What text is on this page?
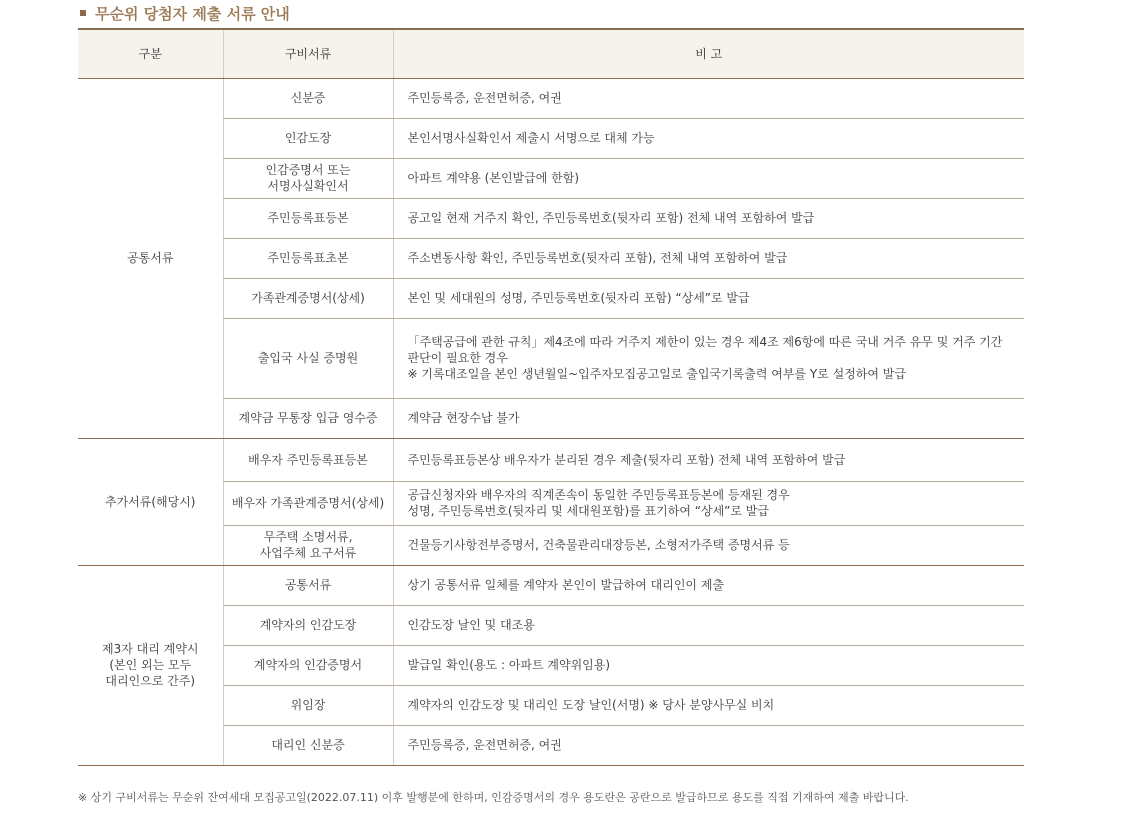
무순위 당첨자 제출 서류 안내
구분	구비서류	비 고
공통서류	신분증	주민등록증, 운전면허증, 여권

	인감도장	본인서명사실확인서 제출시 서명으로 대체 가능

	인감증명서 또는
서명사실확인서	아파트 계약용 (본인발급에 한함)

	주민등록표등본	공고일 현재 거주지 확인, 주민등록번호(뒷자리 포함) 전체 내역 포함하여 발급

	주민등록표초본	주소변동사항 확인, 주민등록번호(뒷자리 포함), 전체 내역 포함하여 발급

	가족관계증명서(상세)	본인 및 세대원의 성명, 주민등록번호(뒷자리 포함) “상세”로 발급

	출입국 사실 증명원	「주택공급에 관한 규칙」제4조에 따라 거주지 제한이 있는 경우 제4조 제6항에 따른 국내 거주 유무 및 거주 기간
판단이 필요한 경우
※ 기록대조일을 본인 생년월일~입주자모집공고일로 출입국기록출력 여부를 Y로 설정하여 발급

	계약금 무통장 입금 영수증	계약금 현장수납 불가

추가서류(해당시)	배우자 주민등록표등본	주민등록표등본상 배우자가 분리된 경우 제출(뒷자리 포함) 전체 내역 포함하여 발급

	배우자 가족관계증명서(상세)	공급신청자와 배우자의 직계존속이 동일한 주민등록표등본에 등재된 경우
성명, 주민등록번호(뒷자리 및 세대원포함)를 표기하여 “상세”로 발급

	무주택 소명서류,
사업주체 요구서류	건물등기사항전부증명서, 건축물관리대장등본, 소형저가주택 증명서류 등

제3자 대리 계약시(본인 외는 모두대리인으로 간주)	공통서류	상기 공통서류 일체를 계약자 본인이 발급하여 대리인이 제출

	계약자의 인감도장	인감도장 날인 및 대조용

	계약자의 인감증명서	발급일 확인(용도 : 아파트 계약위임용)

	위임장	계약자의 인감도장 및 대리인 도장 날인(서명) ※ 당사 분양사무실 비치

	대리인 신분증	주민등록증, 운전면허증, 여권
※ 상기 구비서류는 무순위 잔여세대 모집공고일(2022.07.11) 이후 발행분에 한하며, 인감증명서의 경우 용도란은 공란으로 발급하므로 용도를 직접 기재하여 제출 바랍니다.
